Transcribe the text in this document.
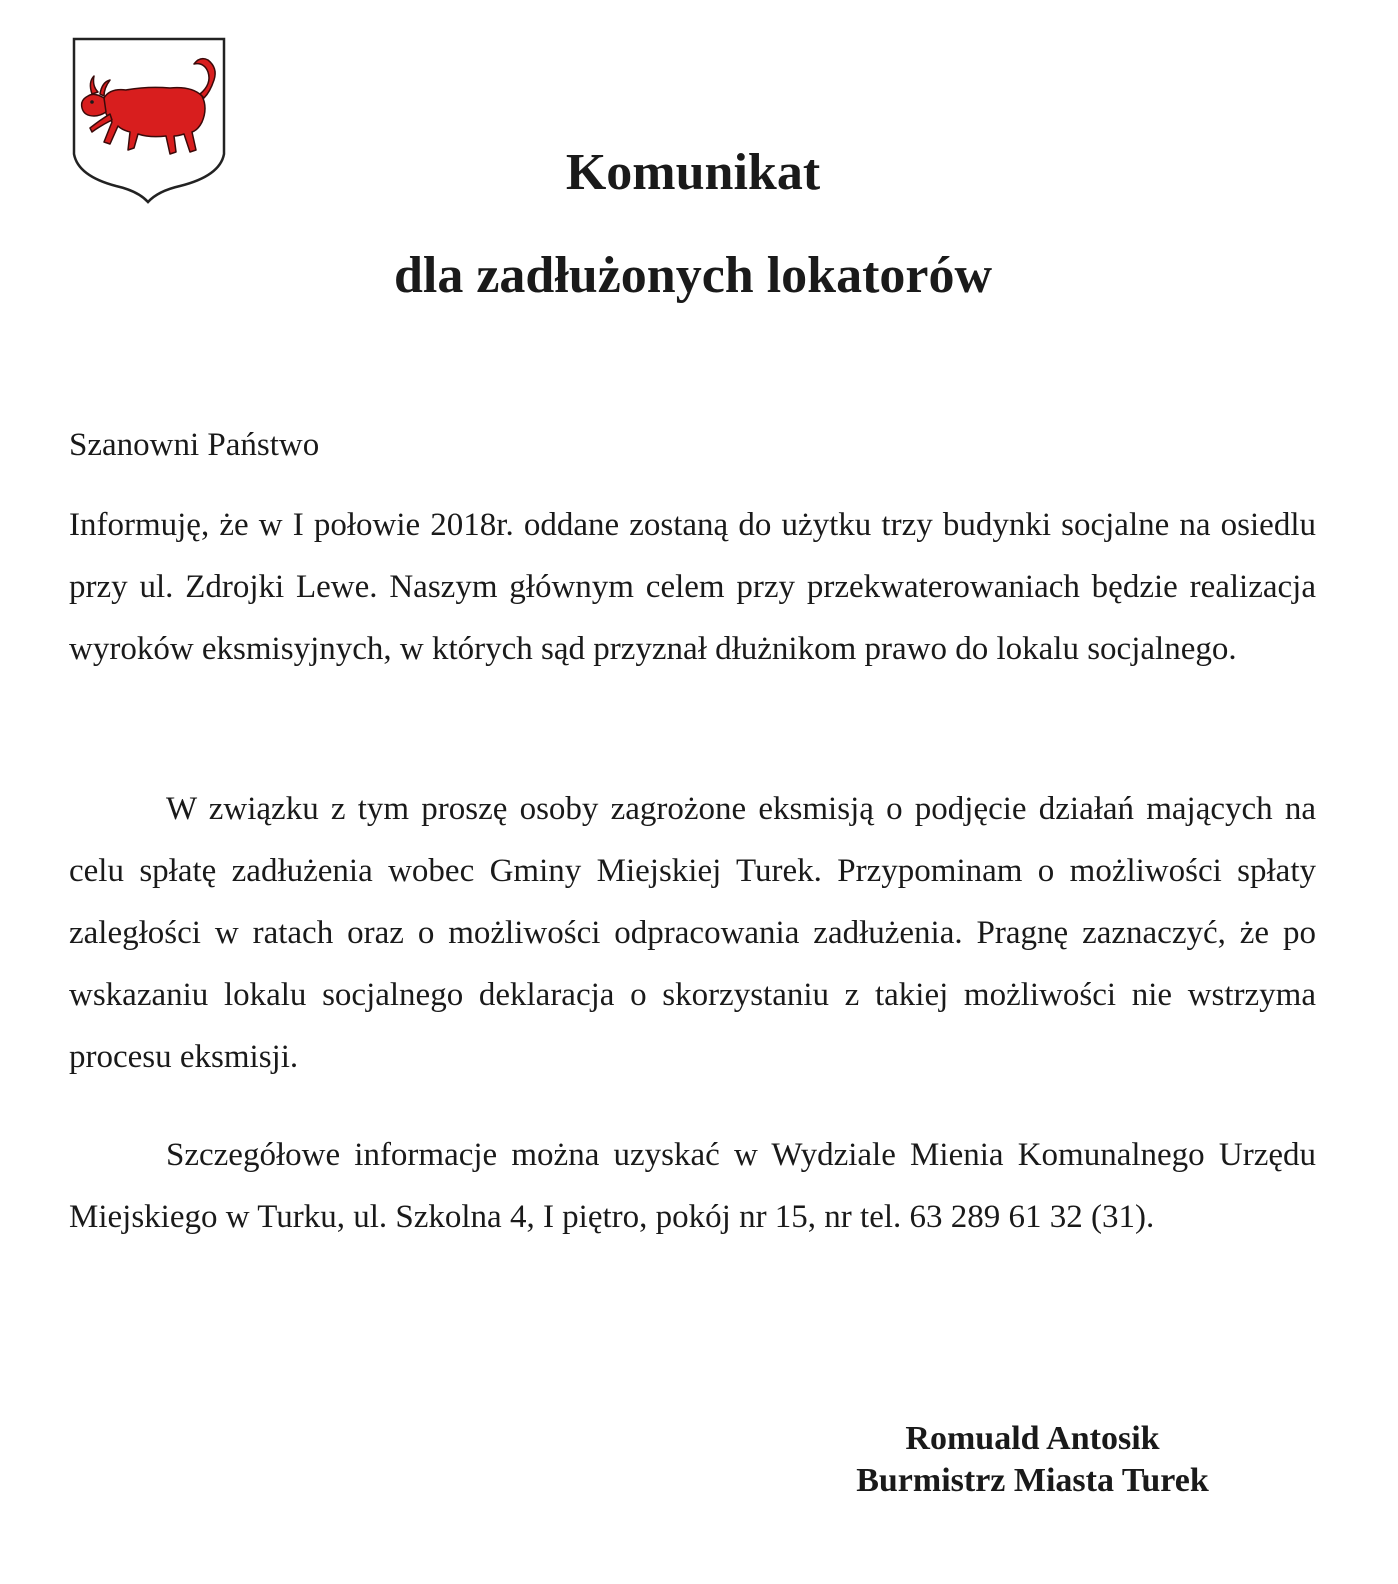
Komunikat
dla zadłużonych lokatorów
Szanowni Państwo
Informuję, że w I połowie 2018r. oddane zostaną do użytku trzy budynki socjalne na osiedlu przy ul. Zdrojki Lewe. Naszym głównym celem przy przekwaterowaniach będzie realizacja wyroków eksmisyjnych, w których sąd przyznał dłużnikom prawo do lokalu socjalnego.
W związku z tym proszę osoby zagrożone eksmisją o podjęcie działań mających na celu spłatę zadłużenia wobec Gminy Miejskiej Turek. Przypominam o możliwości spłaty zaległości w ratach oraz o możliwości odpracowania zadłużenia. Pragnę zaznaczyć, że po wskazaniu lokalu socjalnego deklaracja o skorzystaniu z takiej możliwości nie wstrzyma procesu eksmisji.
Szczegółowe informacje można uzyskać w Wydziale Mienia Komunalnego Urzędu Miejskiego w Turku, ul. Szkolna 4, I piętro, pokój nr 15, nr tel. 63 289 61 32 (31).
Romuald Antosik
Burmistrz Miasta Turek
